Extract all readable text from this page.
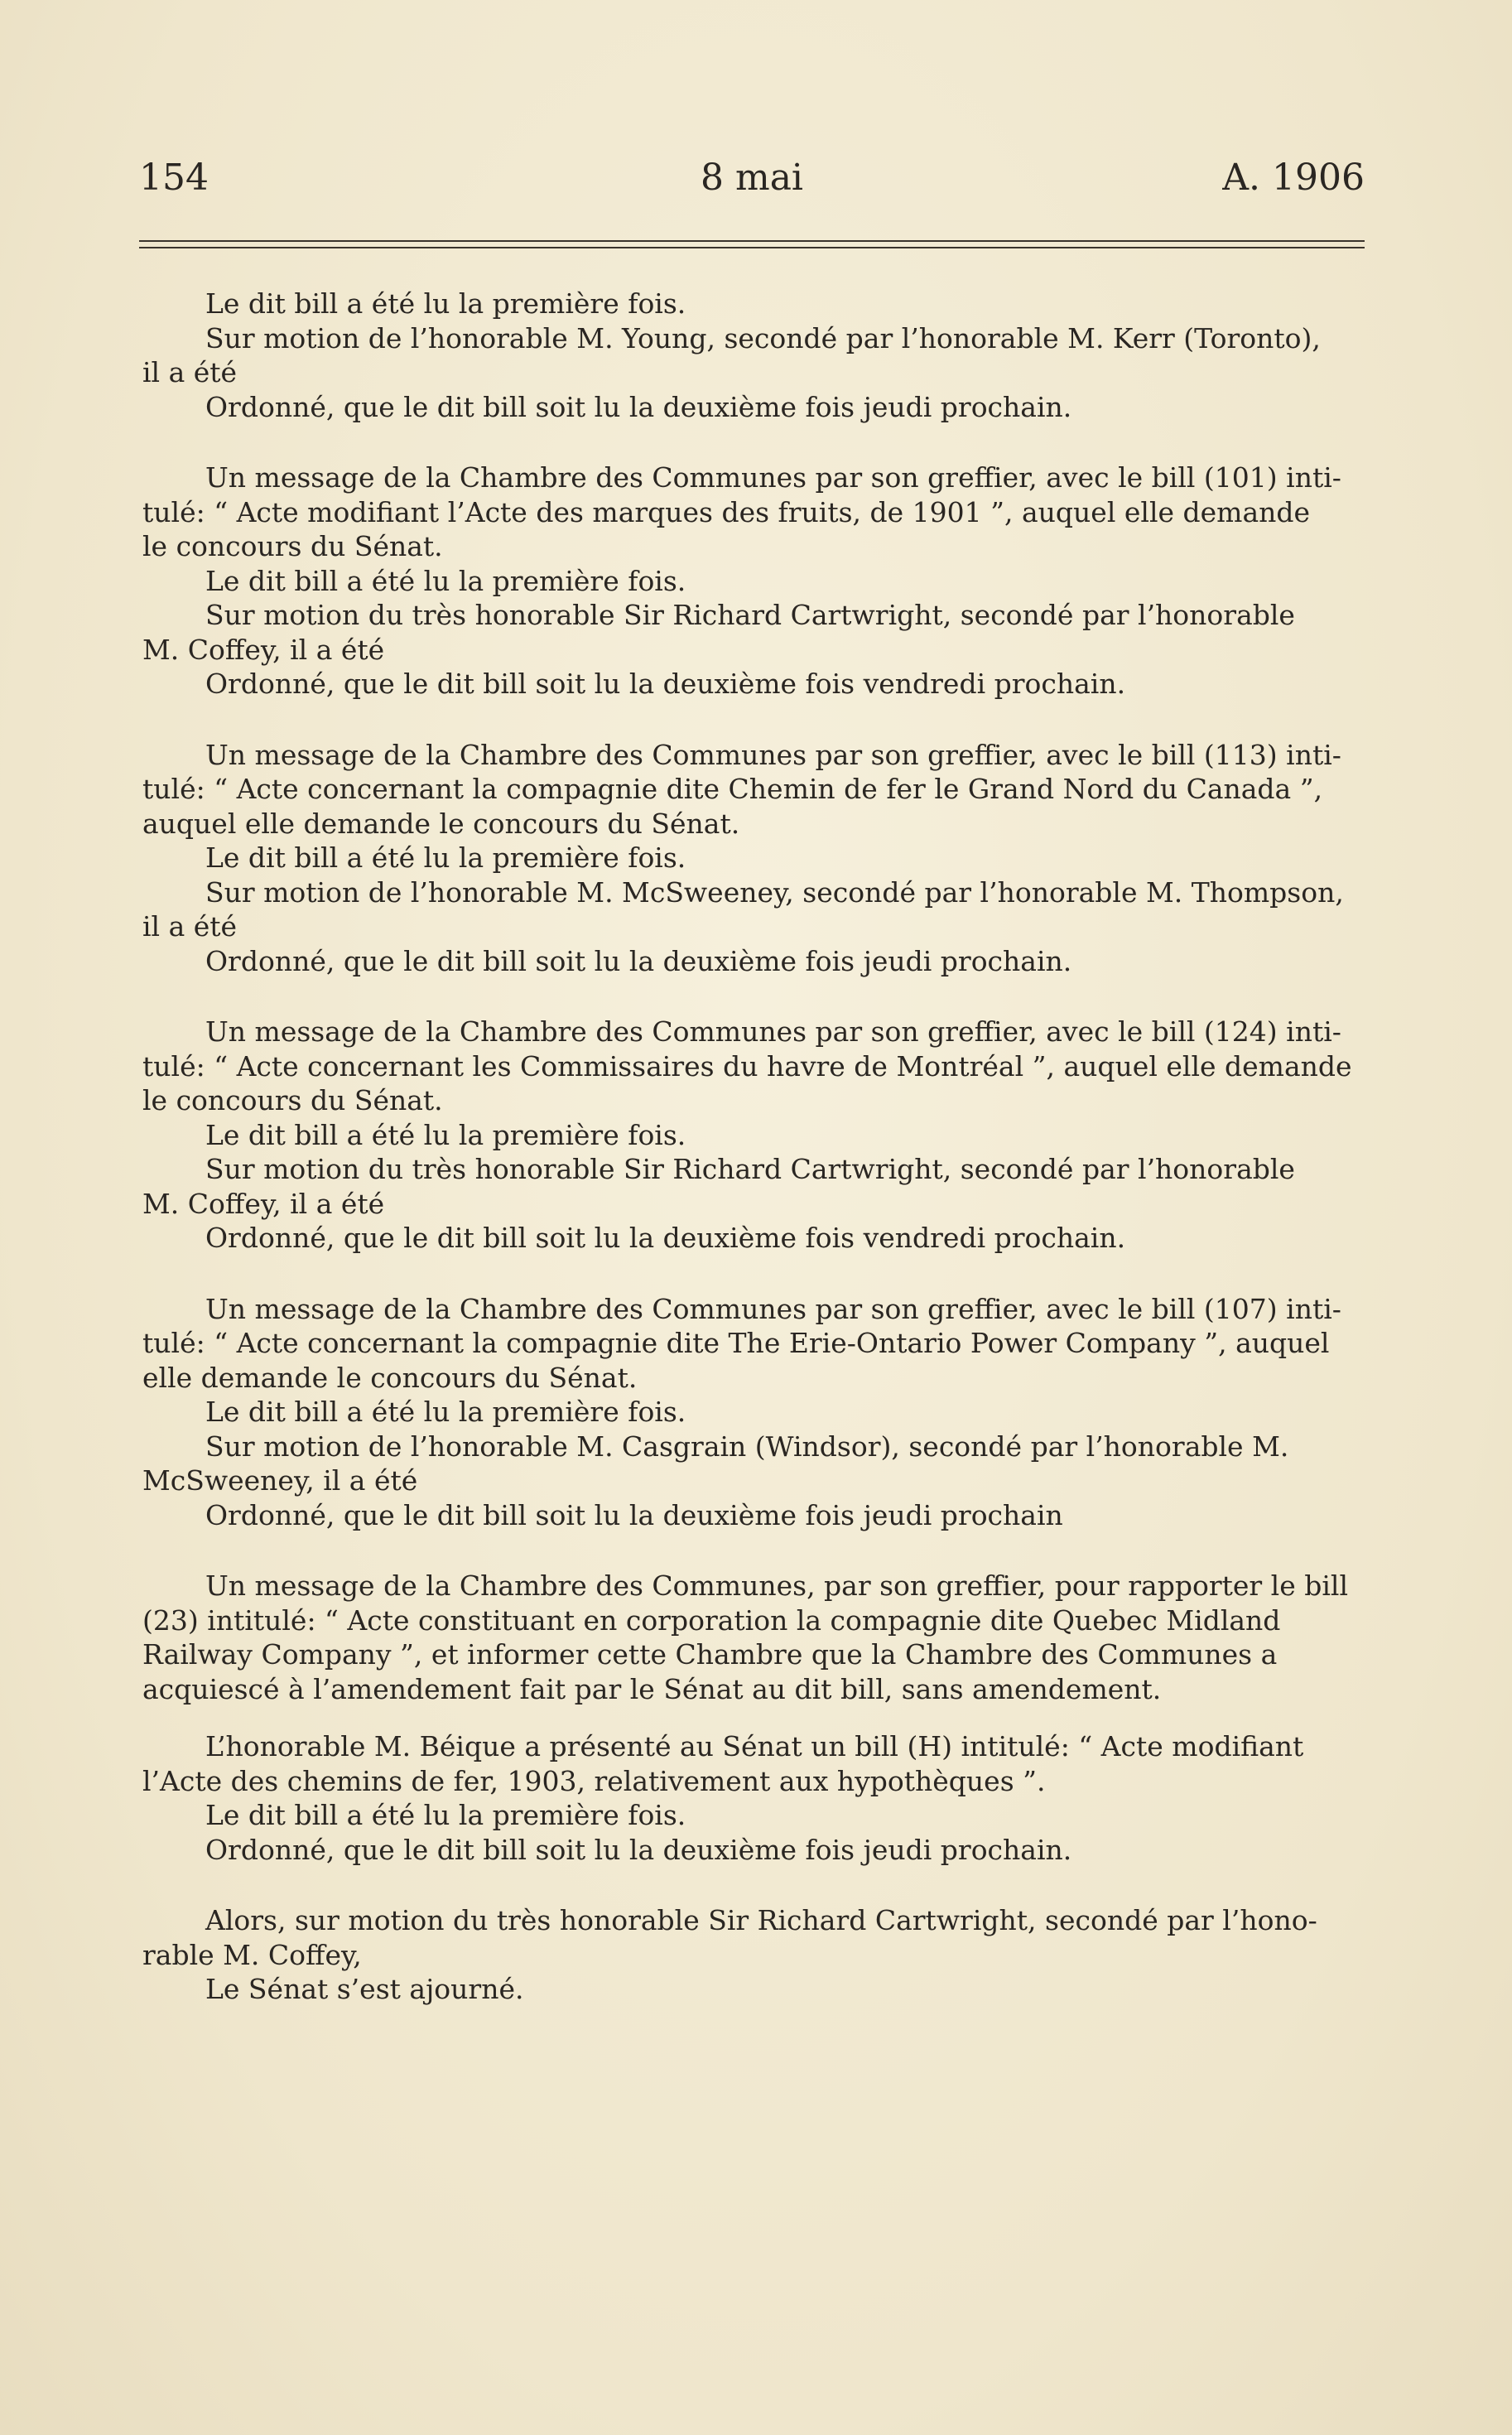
154	8 mai	A. 1906
Le dit bill a été lu la première fois.
Sur motion de l’honorable M. Young, secondé par l’honorable M. Kerr (Toronto),
il a été
Ordonné, que le dit bill soit lu la deuxième fois jeudi prochain.
Un message de la Chambre des Communes par son greffier, avec le bill (101) inti-
tulé: “ Acte modifiant l’Acte des marques des fruits, de 1901 ”, auquel elle demande
le concours du Sénat.
Le dit bill a été lu la première fois.
Sur motion du très honorable Sir Richard Cartwright, secondé par l’honorable
M. Coffey, il a été
Ordonné, que le dit bill soit lu la deuxième fois vendredi prochain.
Un message de la Chambre des Communes par son greffier, avec le bill (113) inti-
tulé: “ Acte concernant la compagnie dite Chemin de fer le Grand Nord du Canada ”,
auquel elle demande le concours du Sénat.
Le dit bill a été lu la première fois.
Sur motion de l’honorable M. McSweeney, secondé par l’honorable M. Thompson,
il a été
Ordonné, que le dit bill soit lu la deuxième fois jeudi prochain.
Un message de la Chambre des Communes par son greffier, avec le bill (124) inti-
tulé: “ Acte concernant les Commissaires du havre de Montréal ”, auquel elle demande
le concours du Sénat.
Le dit bill a été lu la première fois.
Sur motion du très honorable Sir Richard Cartwright, secondé par l’honorable
M. Coffey, il a été
Ordonné, que le dit bill soit lu la deuxième fois vendredi prochain.
Un message de la Chambre des Communes par son greffier, avec le bill (107) inti-
tulé: “ Acte concernant la compagnie dite The Erie-Ontario Power Company ”, auquel
elle demande le concours du Sénat.
Le dit bill a été lu la première fois.
Sur motion de l’honorable M. Casgrain (Windsor), secondé par l’honorable M.
McSweeney, il a été
Ordonné, que le dit bill soit lu la deuxième fois jeudi prochain
Un message de la Chambre des Communes, par son greffier, pour rapporter le bill
(23) intitulé: “ Acte constituant en corporation la compagnie dite Quebec Midland
Railway Company ”, et informer cette Chambre que la Chambre des Communes a
acquiescé à l’amendement fait par le Sénat au dit bill, sans amendement.
L’honorable M. Béique a présenté au Sénat un bill (H) intitulé: “ Acte modifiant
l’Acte des chemins de fer, 1903, relativement aux hypothèques ”.
Le dit bill a été lu la première fois.
Ordonné, que le dit bill soit lu la deuxième fois jeudi prochain.
Alors, sur motion du très honorable Sir Richard Cartwright, secondé par l’hono-
rable M. Coffey,
Le Sénat s’est ajourné.
